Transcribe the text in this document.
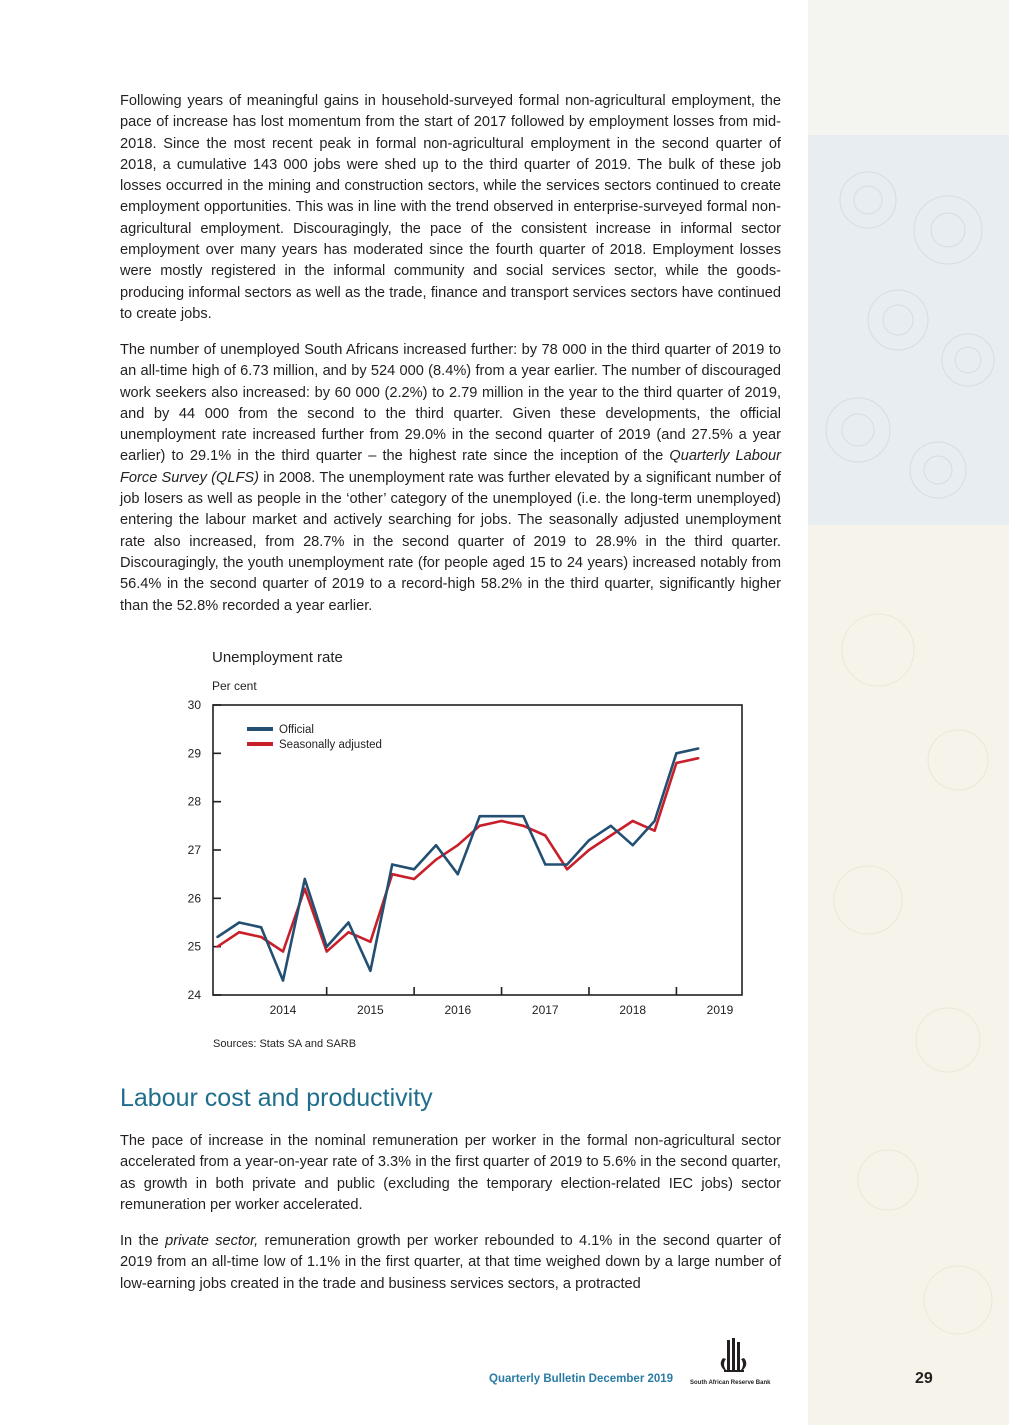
Following years of meaningful gains in household-surveyed formal non-agricultural employment, the pace of increase has lost momentum from the start of 2017 followed by employment losses from mid-2018. Since the most recent peak in formal non-agricultural employment in the second quarter of 2018, a cumulative 143 000 jobs were shed up to the third quarter of 2019. The bulk of these job losses occurred in the mining and construction sectors, while the services sectors continued to create employment opportunities. This was in line with the trend observed in enterprise-surveyed formal non-agricultural employment. Discouragingly, the pace of the consistent increase in informal sector employment over many years has moderated since the fourth quarter of 2018. Employment losses were mostly registered in the informal community and social services sector, while the goods-producing informal sectors as well as the trade, finance and transport services sectors have continued to create jobs.

The number of unemployed South Africans increased further: by 78 000 in the third quarter of 2019 to an all-time high of 6.73 million, and by 524 000 (8.4%) from a year earlier. The number of discouraged work seekers also increased: by 60 000 (2.2%) to 2.79 million in the year to the third quarter of 2019, and by 44 000 from the second to the third quarter. Given these developments, the official unemployment rate increased further from 29.0% in the second quarter of 2019 (and 27.5% a year earlier) to 29.1% in the third quarter – the highest rate since the inception of the Quarterly Labour Force Survey (QLFS) in 2008. The unemployment rate was further elevated by a significant number of job losers as well as people in the ‘other’ category of the unemployed (i.e. the long-term unemployed) entering the labour market and actively searching for jobs. The seasonally adjusted unemployment rate also increased, from 28.7% in the second quarter of 2019 to 28.9% in the third quarter. Discouragingly, the youth unemployment rate (for people aged 15 to 24 years) increased notably from 56.4% in the second quarter of 2019 to a record-high 58.2% in the third quarter, significantly higher than the 52.8% recorded a year earlier.

Unemployment rate
Per cent
24
25
26
27
28
29
30
2014	2015	2016	2017	2018	2019
Official
Seasonally adjusted
Sources: Stats SA and SARB
Labour cost and productivity

The pace of increase in the nominal remuneration per worker in the formal non-agricultural sector accelerated from a year-on-year rate of 3.3% in the first quarter of 2019 to 5.6% in the second quarter, as growth in both private and public (excluding the temporary election-related IEC jobs) sector remuneration per worker accelerated.

In the private sector, remuneration growth per worker rebounded to 4.1% in the second quarter of 2019 from an all-time low of 1.1% in the first quarter, at that time weighed down by a large number of low-earning jobs created in the trade and business services sectors, a protracted

Quarterly Bulletin December 2019	South African Reserve Bank	29
